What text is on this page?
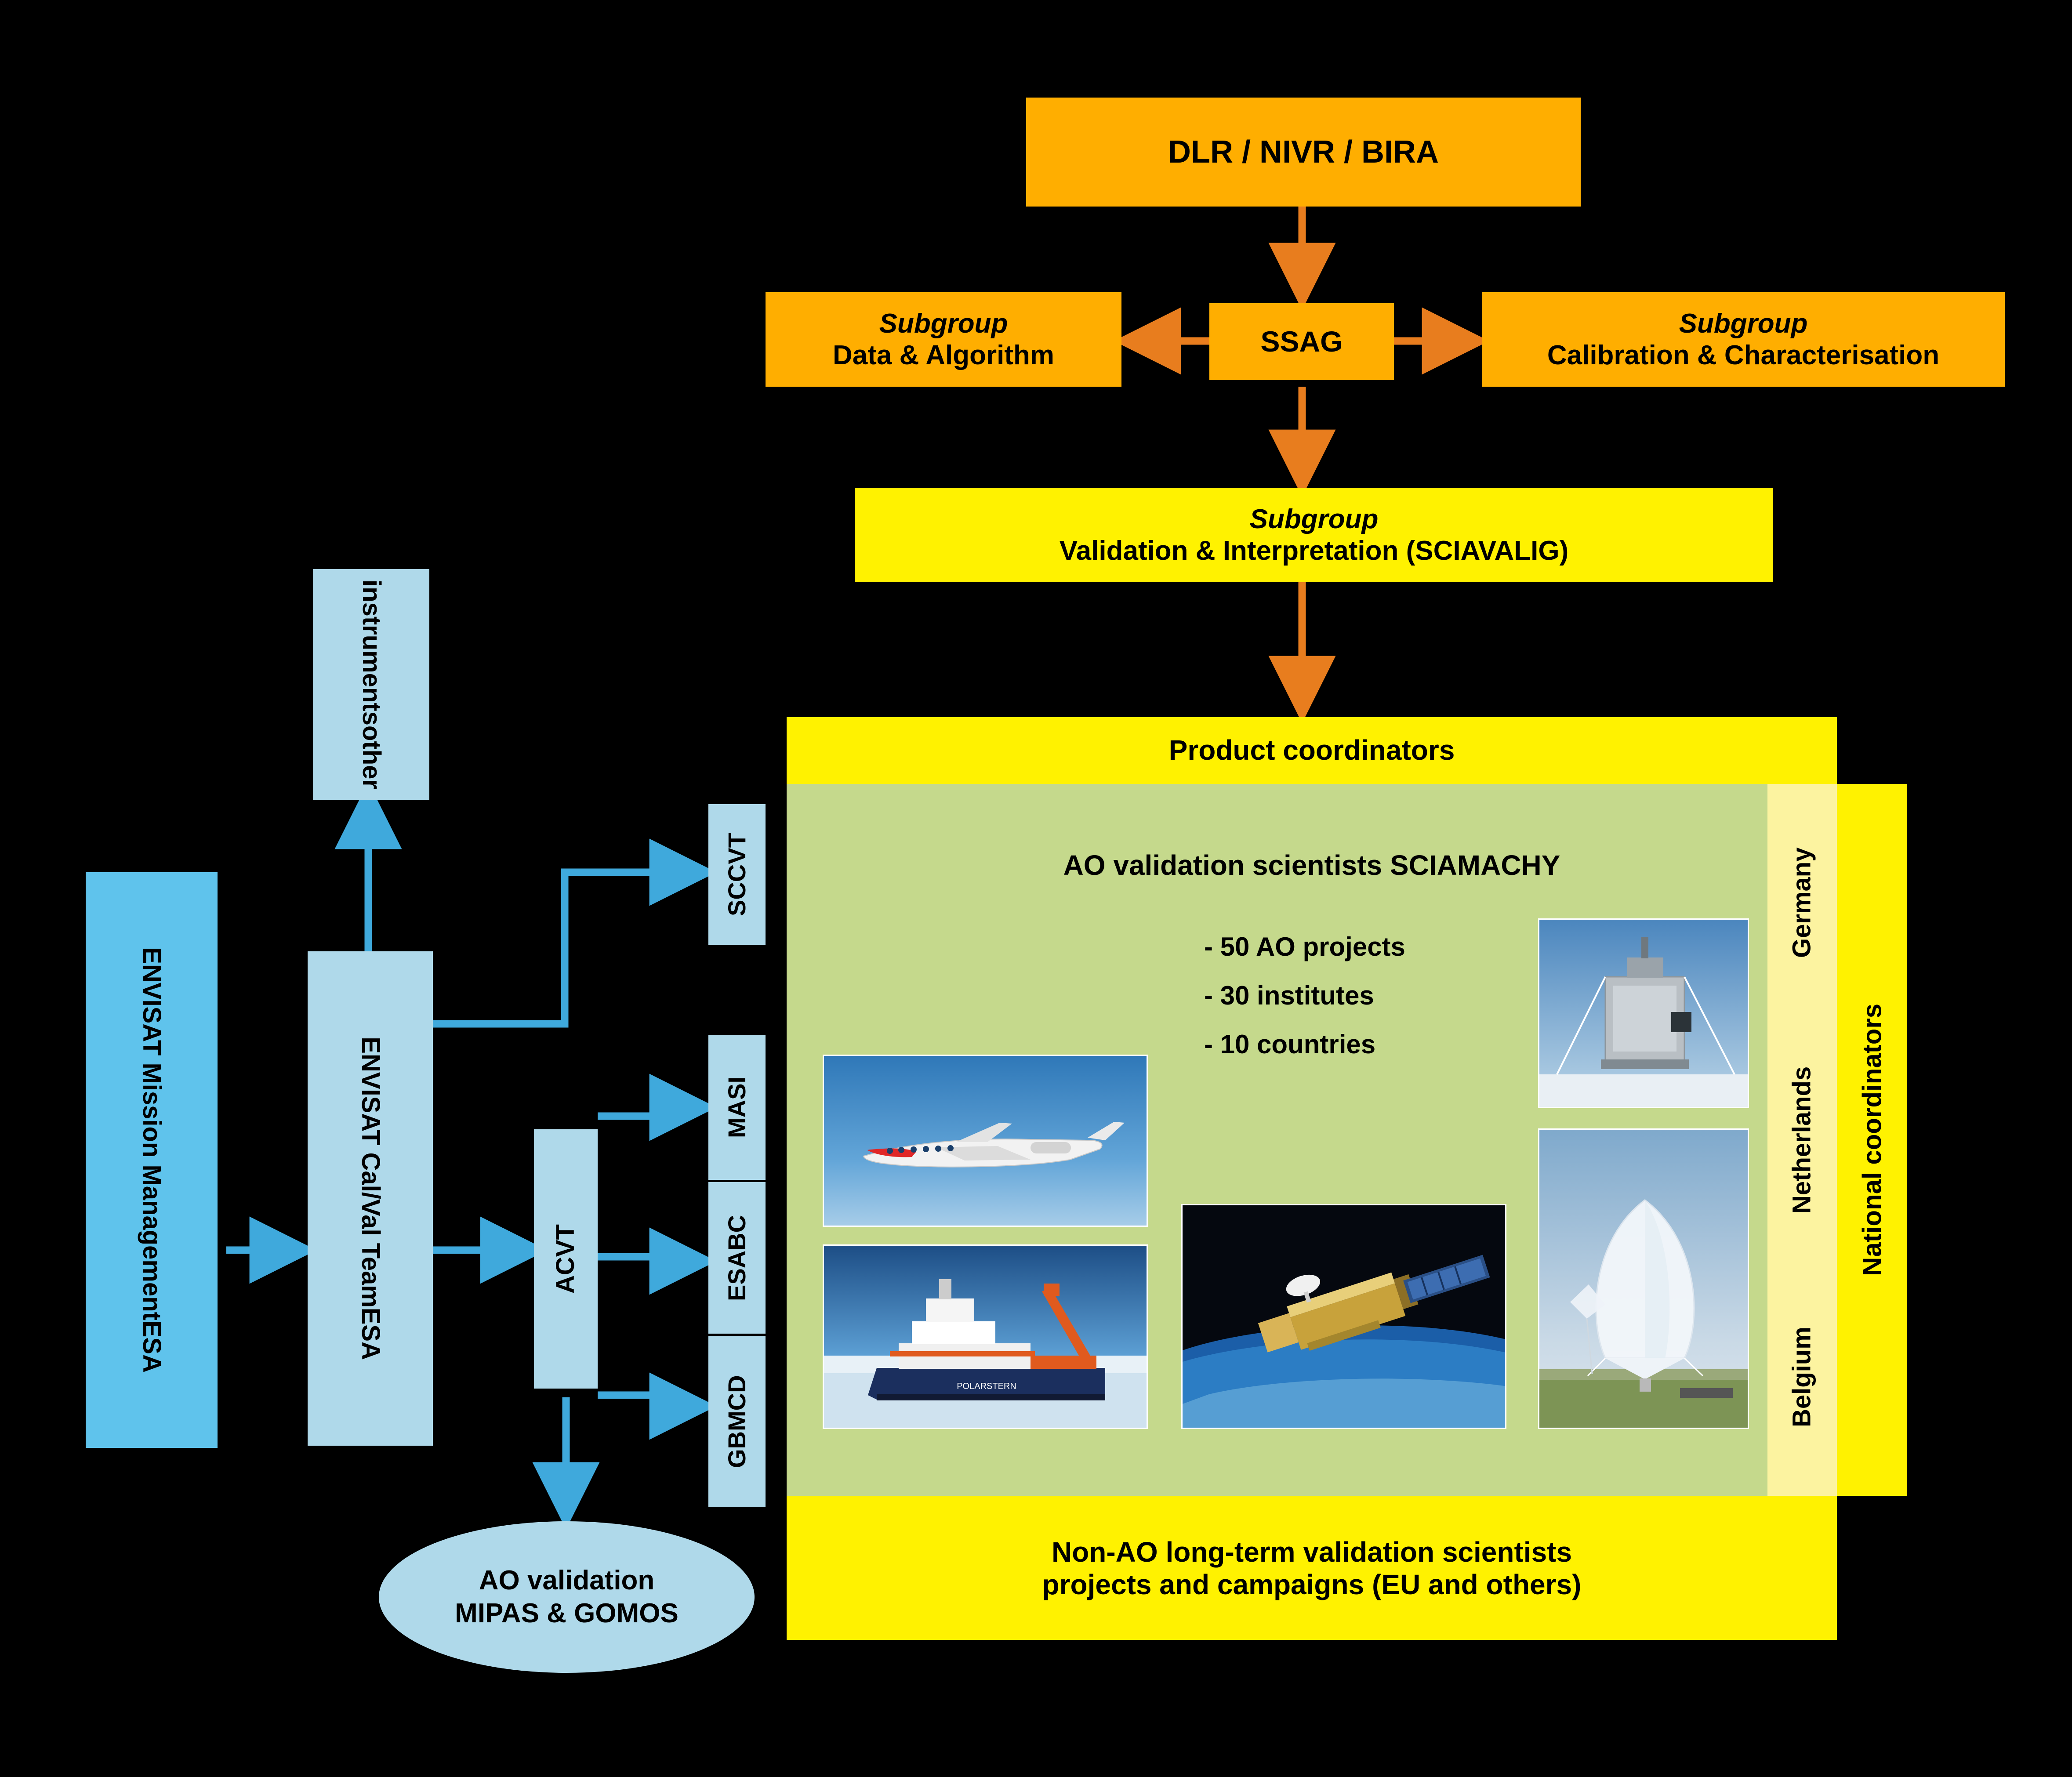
DLR / NIVR / BIRA
SSAG
Subgroup
Data & Algorithm
Subgroup
Calibration & Characterisation
Subgroup
Validation & Interpretation (SCIAVALIG)
Product coordinators
AO validation scientists SCIAMACHY
- 50 AO projects
- 30 institutes
- 10 countries
POLARSTERN
Non-AO long-term validation scientists
projects and campaigns (EU and others)
National coordinators
Germany
Netherlands
Belgium
ESA
ENVISAT Mission Management
ESA
ENVISAT Cal/Val Team	ACVT
other
instruments
SCCVT
MASI
ESABC
GBMCD
AO validation
MIPAS & GOMOS
